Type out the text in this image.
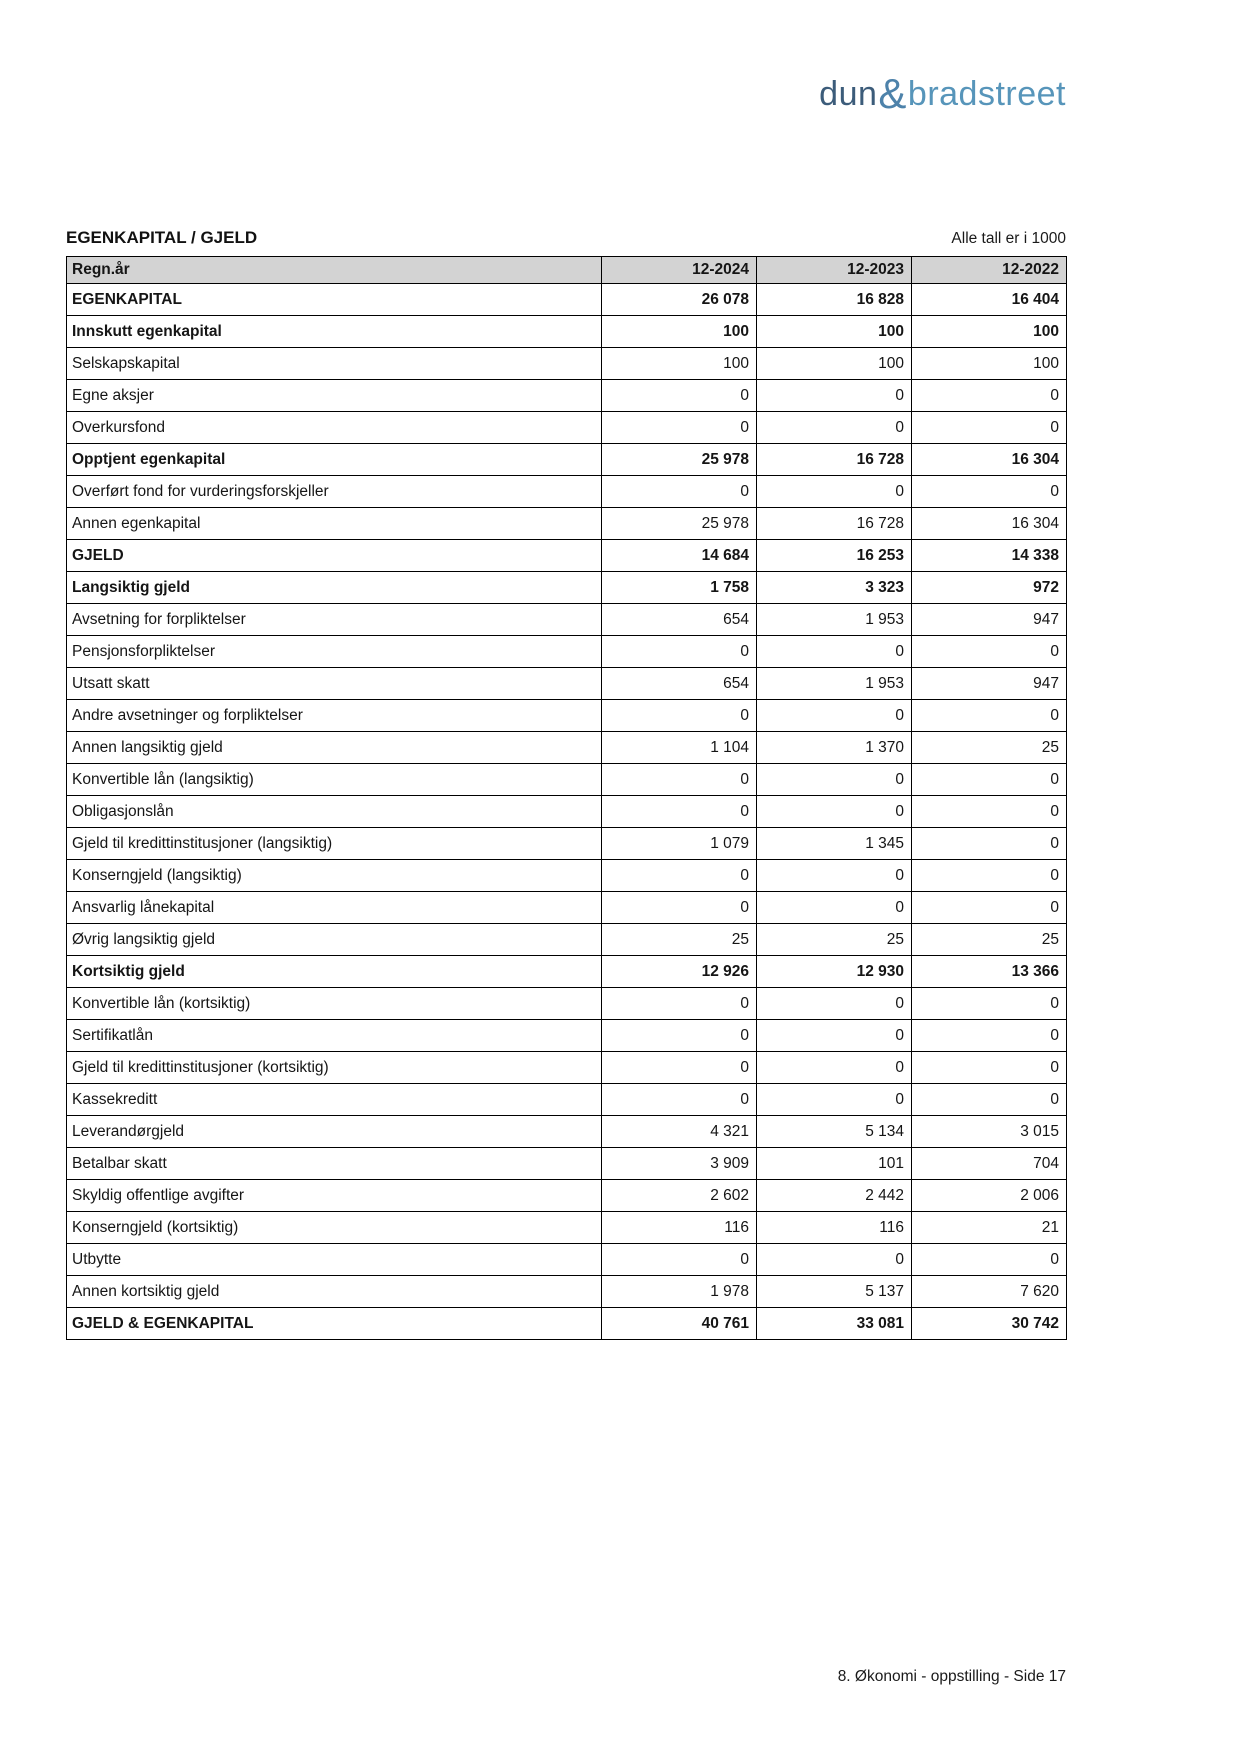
dun&bradstreet
EGENKAPITAL / GJELD	Alle tall er i 1000
Regn.år	12-2024	12-2023	12-2022
EGENKAPITAL	26 078	16 828	16 404
Innskutt egenkapital	100	100	100
Selskapskapital	100	100	100
Egne aksjer	0	0	0
Overkursfond	0	0	0
Opptjent egenkapital	25 978	16 728	16 304
Overført fond for vurderingsforskjeller	0	0	0
Annen egenkapital	25 978	16 728	16 304
GJELD	14 684	16 253	14 338
Langsiktig gjeld	1 758	3 323	972
Avsetning for forpliktelser	654	1 953	947
Pensjonsforpliktelser	0	0	0
Utsatt skatt	654	1 953	947
Andre avsetninger og forpliktelser	0	0	0
Annen langsiktig gjeld	1 104	1 370	25
Konvertible lån (langsiktig)	0	0	0
Obligasjonslån	0	0	0
Gjeld til kredittinstitusjoner (langsiktig)	1 079	1 345	0
Konserngjeld (langsiktig)	0	0	0
Ansvarlig lånekapital	0	0	0
Øvrig langsiktig gjeld	25	25	25
Kortsiktig gjeld	12 926	12 930	13 366
Konvertible lån (kortsiktig)	0	0	0
Sertifikatlån	0	0	0
Gjeld til kredittinstitusjoner (kortsiktig)	0	0	0
Kassekreditt	0	0	0
Leverandørgjeld	4 321	5 134	3 015
Betalbar skatt	3 909	101	704
Skyldig offentlige avgifter	2 602	2 442	2 006
Konserngjeld (kortsiktig)	116	116	21
Utbytte	0	0	0
Annen kortsiktig gjeld	1 978	5 137	7 620
GJELD & EGENKAPITAL	40 761	33 081	30 742
8. Økonomi - oppstilling - Side 17
